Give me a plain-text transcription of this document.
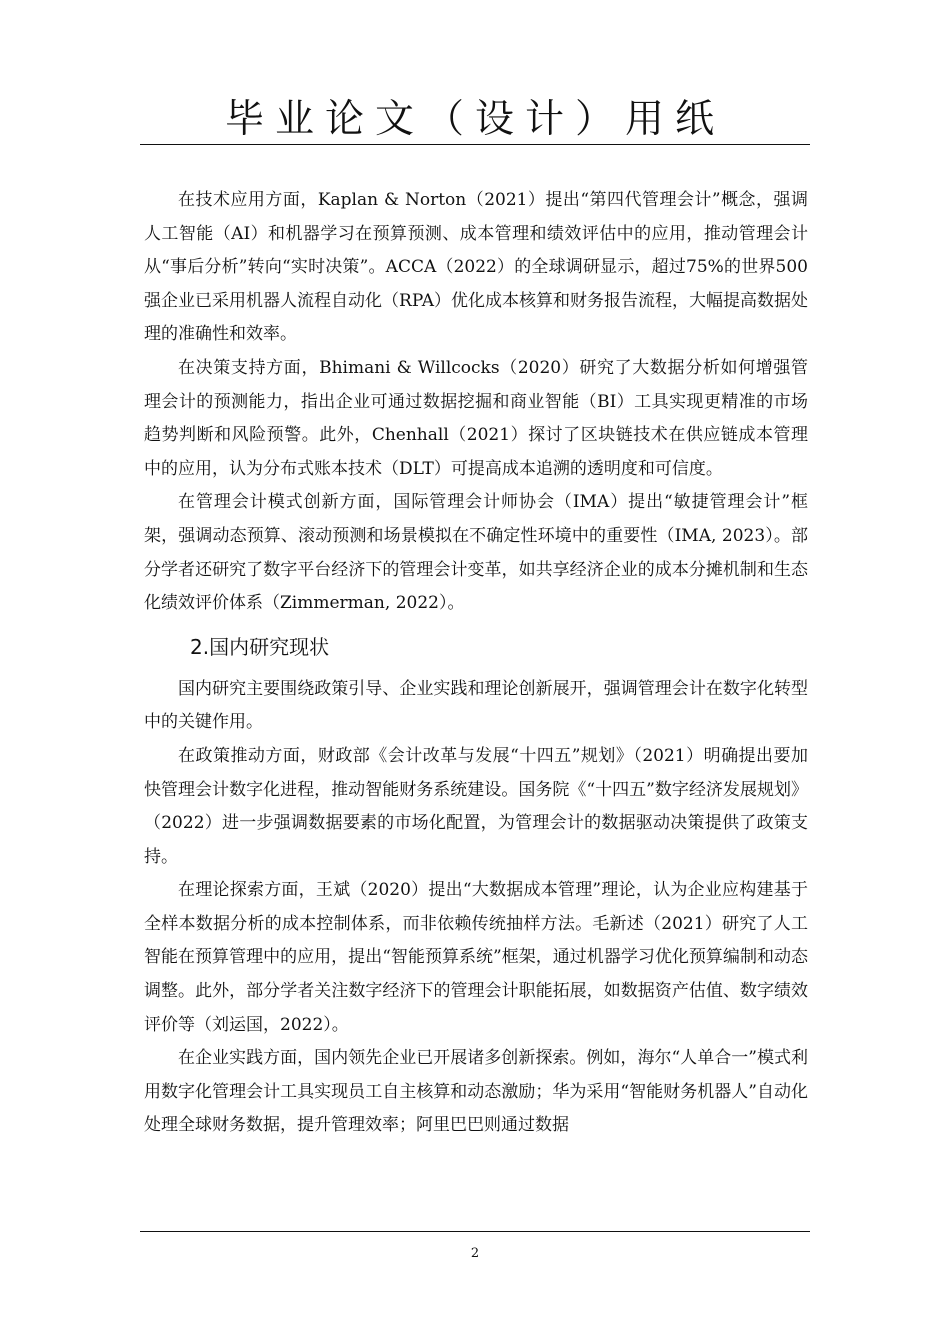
毕业论文（设计）用纸

在技术应用方面，Kaplan & Norton（2021）提出“第四代管理会计”概念，强调人工智能（AI）和机器学习在预算预测、成本管理和绩效评估中的应用，推动管理会计从“事后分析”转向“实时决策”。ACCA（2022）的全球调研显示，超过75%的世界500强企业已采用机器人流程自动化（RPA）优化成本核算和财务报告流程，大幅提高数据处理的准确性和效率。

在决策支持方面，Bhimani & Willcocks（2020）研究了大数据分析如何增强管理会计的预测能力，指出企业可通过数据挖掘和商业智能（BI）工具实现更精准的市场趋势判断和风险预警。此外，Chenhall（2021）探讨了区块链技术在供应链成本管理中的应用，认为分布式账本技术（DLT）可提高成本追溯的透明度和可信度。

在管理会计模式创新方面，国际管理会计师协会（IMA）提出“敏捷管理会计”框架，强调动态预算、滚动预测和场景模拟在不确定性环境中的重要性（IMA, 2023）。部分学者还研究了数字平台经济下的管理会计变革，如共享经济企业的成本分摊机制和生态化绩效评价体系（Zimmerman, 2022）。

2.国内研究现状

国内研究主要围绕政策引导、企业实践和理论创新展开，强调管理会计在数字化转型中的关键作用。

在政策推动方面，财政部《会计改革与发展“十四五”规划》（2021）明确提出要加快管理会计数字化进程，推动智能财务系统建设。国务院《“十四五”数字经济发展规划》（2022）进一步强调数据要素的市场化配置，为管理会计的数据驱动决策提供了政策支持。

在理论探索方面，王斌（2020）提出“大数据成本管理”理论，认为企业应构建基于全样本数据分析的成本控制体系，而非依赖传统抽样方法。毛新述（2021）研究了人工智能在预算管理中的应用，提出“智能预算系统”框架，通过机器学习优化预算编制和动态调整。此外，部分学者关注数字经济下的管理会计职能拓展，如数据资产估值、数字绩效评价等（刘运国，2022）。

在企业实践方面，国内领先企业已开展诸多创新探索。例如，海尔“人单合一”模式利用数字化管理会计工具实现员工自主核算和动态激励；华为采用“智能财务机器人”自动化处理全球财务数据，提升管理效率；阿里巴巴则通过数据

2
